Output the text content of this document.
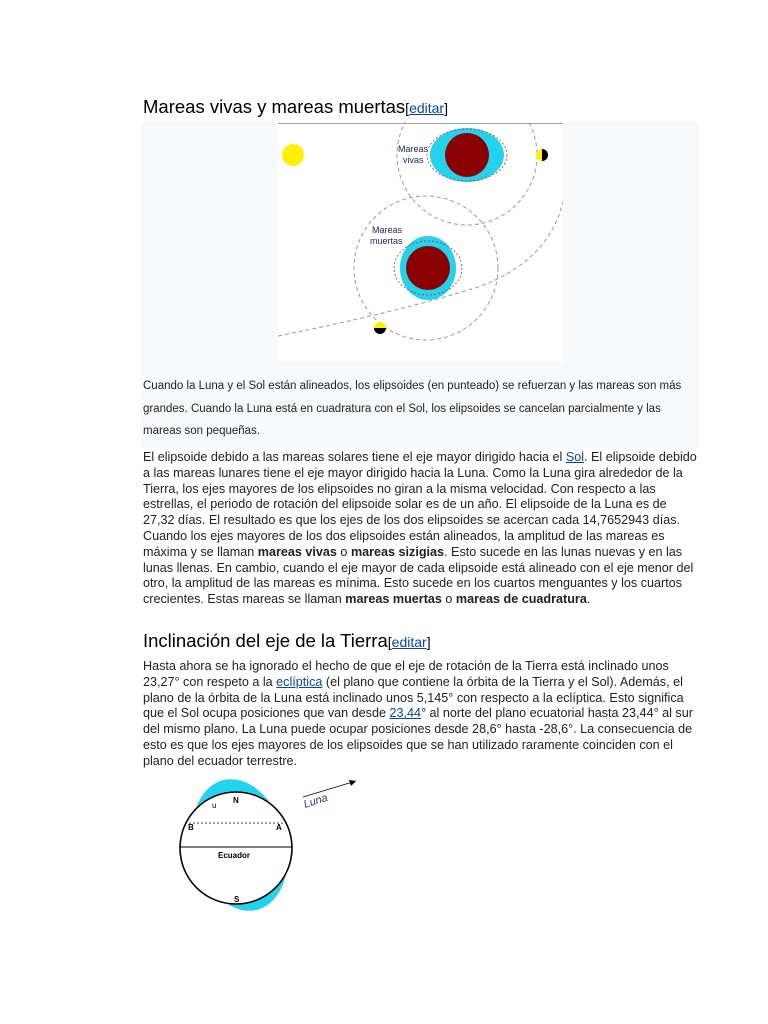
Mareas vivas y mareas muertas[editar]
Mareas
vivas
Mareas
muertas
Cuando la Luna y el Sol están alineados, los elipsoides (en punteado) se refuerzan y las mareas son más grandes. Cuando la Luna está en cuadratura con el Sol, los elipsoides se cancelan parcialmente y las mareas son pequeñas.

El elipsoide debido a las mareas solares tiene el eje mayor dirigido hacia el Sol. El elipsoide debido a las mareas lunares tiene el eje mayor dirigido hacia la Luna. Como la Luna gira alrededor de la Tierra, los ejes mayores de los elipsoides no giran a la misma velocidad. Con respecto a las estrellas, el periodo de rotación del elipsoide solar es de un año. El elipsoide de la Luna es de 27,32 días. El resultado es que los ejes de los dos elipsoides se acercan cada 14,7652943 días. Cuando los ejes mayores de los dos elipsoides están alineados, la amplitud de las mareas es máxima y se llaman mareas vivas o mareas sizigias. Esto sucede en las lunas nuevas y en las lunas llenas. En cambio, cuando el eje mayor de cada elipsoide está alineado con el eje menor del otro, la amplitud de las mareas es mínima. Esto sucede en los cuartos menguantes y los cuartos crecientes. Estas mareas se llaman mareas muertas o mareas de cuadratura.

Inclinación del eje de la Tierra[editar]

Hasta ahora se ha ignorado el hecho de que el eje de rotación de la Tierra está inclinado unos 23,27° con respeto a la eclíptica (el plano que contiene la órbita de la Tierra y el Sol). Además, el plano de la órbita de la Luna está inclinado unos 5,145° con respecto a la eclíptica. Esto significa que el Sol ocupa posiciones que van desde 23,44° al norte del plano ecuatorial hasta 23,44° al sur del mismo plano. La Luna puede ocupar posiciones desde 28,6° hasta -28,6°. La consecuencia de esto es que los ejes mayores de los elipsoides que se han utilizado raramente coinciden con el plano del ecuador terrestre.

Luna
N
S
u
B	A
Ecuador
